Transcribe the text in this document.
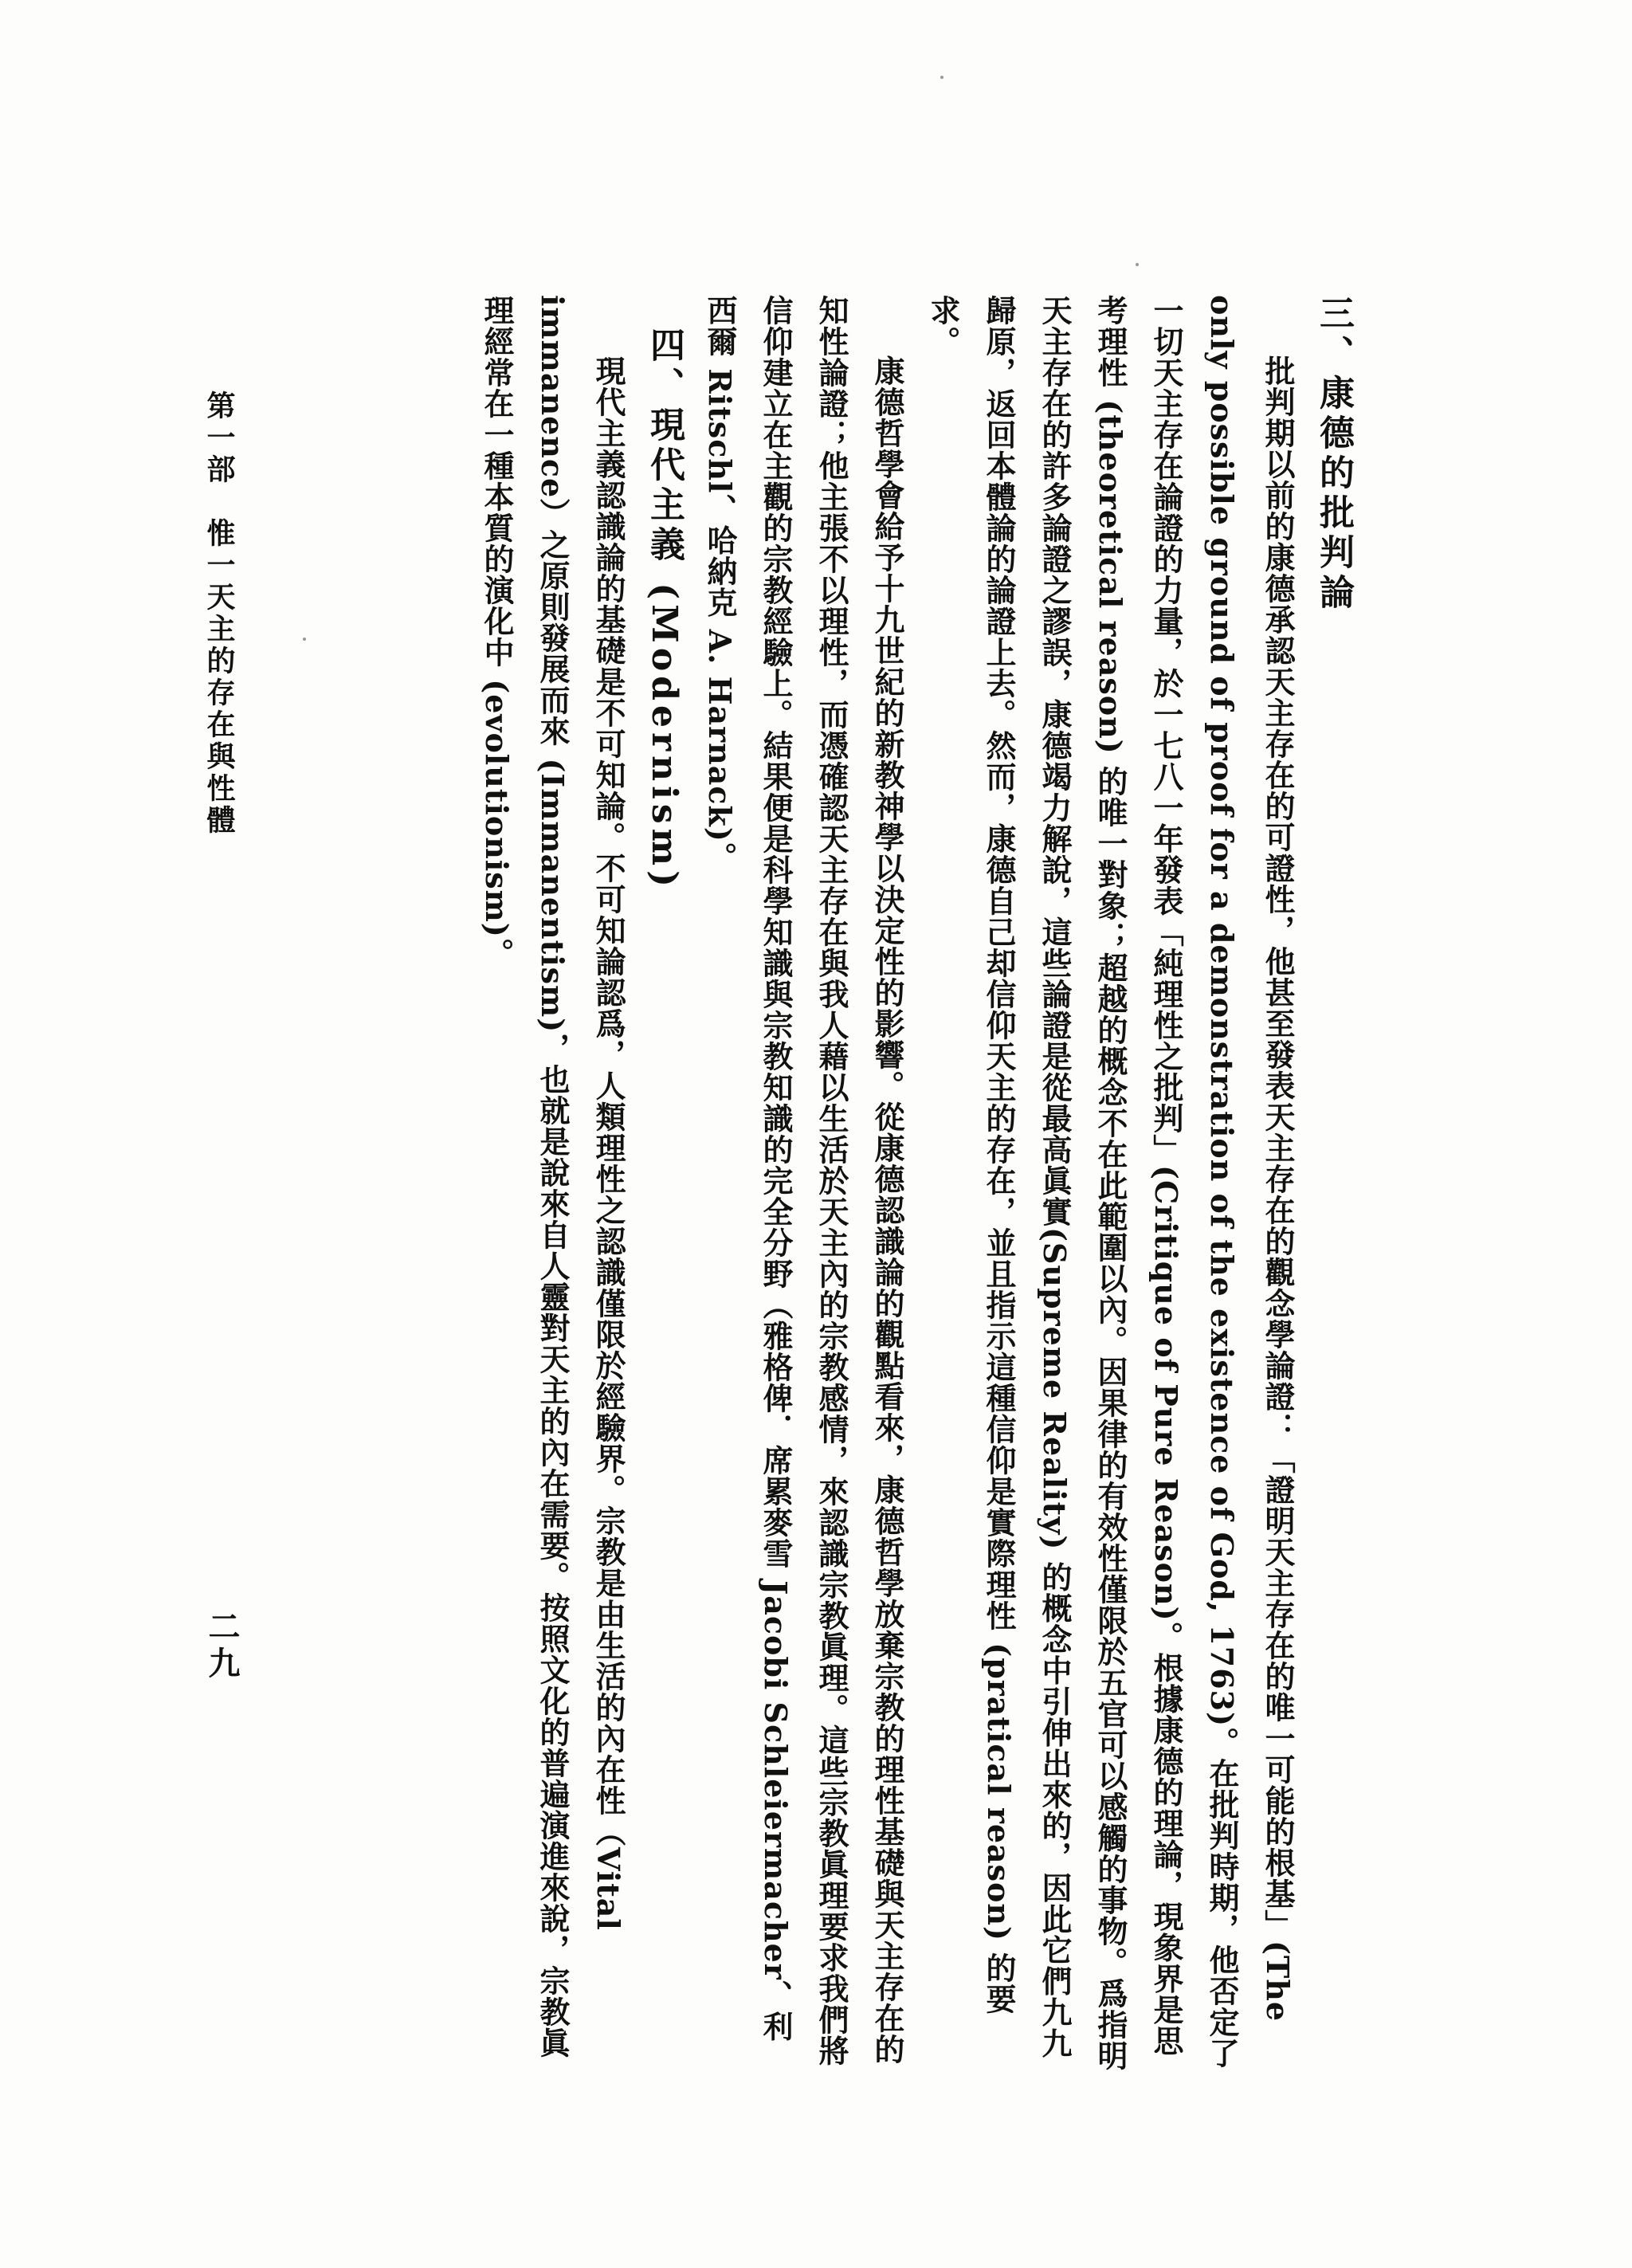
三、康德的批判論

批判期以前的康德承認天主存在的可證性，他甚至發表天主存在的觀念學論證：「證明天主存在的唯一可能的根基」(The only possible ground of proof for a demonstration of the existence of God, 1763)。在批判時期，他否定了一切天主存在論證的力量，於一七八一年發表「純理性之批判」(Critique of Pure Reason)。根據康德的理論，現象界是思考理性 (theoretical reason) 的唯一對象；超越的概念不在此範圍以內。因果律的有效性僅限於五官可以感觸的事物。爲指明天主存在的許多論證之謬誤，康德竭力解說，這些論證是從最高眞實(Supreme Reality) 的概念中引伸出來的，因此它們九九歸原，返回本體論的論證上去。然而，康德自己却信仰天主的存在，並且指示這種信仰是實際理性 (pratical reason) 的要求。

康德哲學會給予十九世紀的新教神學以決定性的影響。從康德認識論的觀點看來，康德哲學放棄宗教的理性基礎與天主存在的知性論證；他主張不以理性，而憑確認天主存在與我人藉以生活於天主內的宗教感情，來認識宗教眞理。這些宗教眞理要求我們將信仰建立在主觀的宗教經驗上。結果便是科學知識與宗教知識的完全分野（雅格俾．席累麥雪 Jacobi Schleiermacher、利西爾 Ritschl、哈納克 A. Harnack)。

四、現代主義 (Modernism)

現代主義認識論的基礎是不可知論。不可知論認爲，人類理性之認識僅限於經驗界。宗教是由生活的內在性（Vital immanence）之原則發展而來 (Immanentism)，也就是說來自人靈對天主的內在需要。按照文化的普遍演進來說，宗教眞理經常在一種本質的演化中 (evolutionism)。

第一部　惟一天主的存在與性體
二九
